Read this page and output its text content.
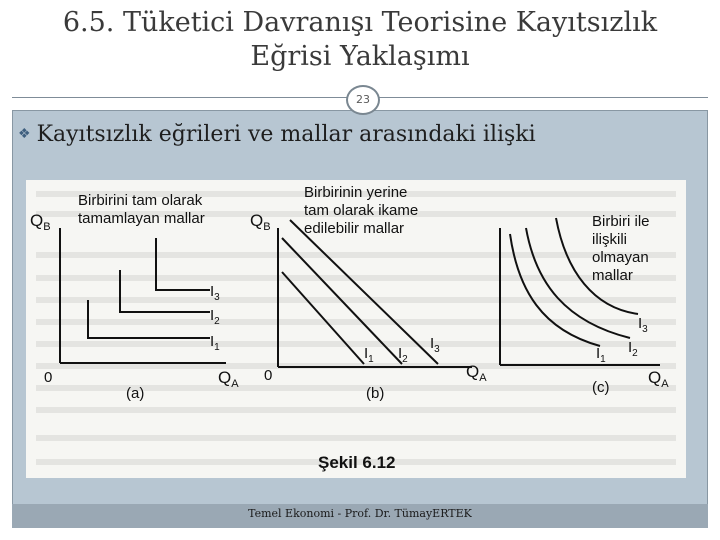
6.5. Tüketici Davranışı Teorisine Kayıtsızlık
Eğrisi Yaklaşımı
23
❖ Kayıtsızlık eğrileri ve mallar arasındaki ilişki
$Q_B$
$Q_A$
0
Birbirini tam olarak
tamamlayan mallar
$I_3$
$I_2$
$I_1$
(a)
$Q_B$
$Q_A$
0
Birbirinin yerine
tam olarak ikame
edilebilir mallar
$I_1$ $I_2$
$I_3$
(b)
$Q_A$
Birbiri ile
ilişkili
olmayan
mallar
$I_3$
$I_1$
$I_2$
(c)
Şekil 6.12
Temel Ekonomi - Prof. Dr. TümayERTEK
